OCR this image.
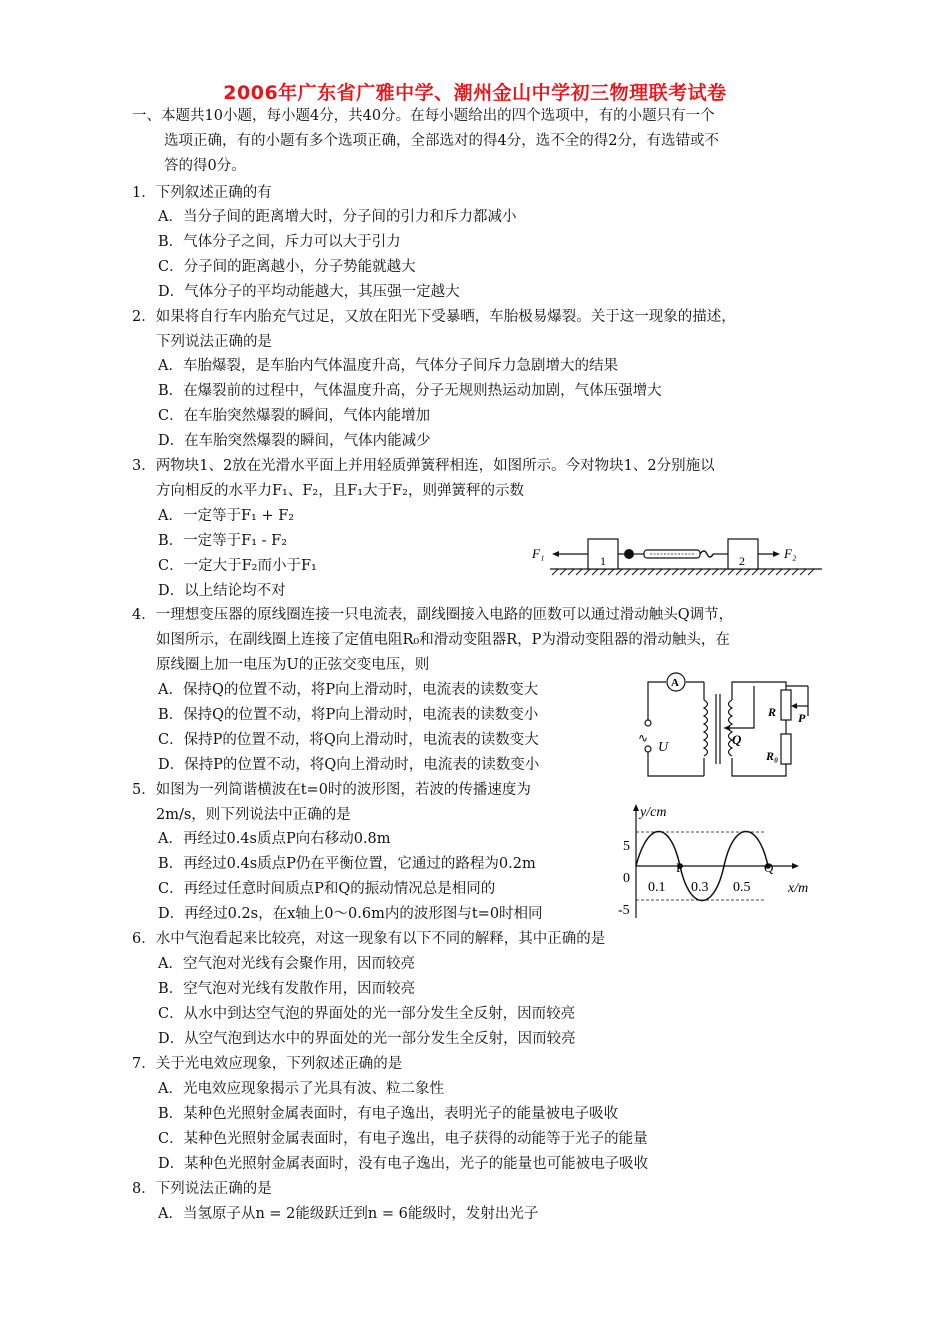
2006年广东省广雅中学、潮州金山中学初三物理联考试卷
一、本题共10小题，每小题4分，共40分。在每小题给出的四个选项中，有的小题只有一个
选项正确，有的小题有多个选项正确，全部选对的得4分，选不全的得2分，有选错或不
答的得0分。
1．下列叙述正确的有
A．当分子间的距离增大时，分子间的引力和斥力都减小
B．气体分子之间，斥力可以大于引力
C．分子间的距离越小，分子势能就越大
D．气体分子的平均动能越大，其压强一定越大
2．如果将自行车内胎充气过足，又放在阳光下受暴晒，车胎极易爆裂。关于这一现象的描述，
下列说法正确的是
A．车胎爆裂，是车胎内气体温度升高，气体分子间斥力急剧增大的结果
B．在爆裂前的过程中，气体温度升高，分子无规则热运动加剧，气体压强增大
C．在车胎突然爆裂的瞬间，气体内能增加
D．在车胎突然爆裂的瞬间，气体内能减少
3．两物块1、2放在光滑水平面上并用轻质弹簧秤相连，如图所示。今对物块1、2分别施以
方向相反的水平力F₁、F₂，且F₁大于F₂，则弹簧秤的示数
A．一定等于F₁ + F₂
B．一定等于F₁ - F₂
C．一定大于F₂而小于F₁
D．以上结论均不对
1
F₁	2	F₂
4．一理想变压器的原线圈连接一只电流表，副线圈接入电路的匝数可以通过滑动触头Q调节，
如图所示，在副线圈上连接了定值电阻R₀和滑动变阻器R，P为滑动变阻器的滑动触头，在
原线圈上加一电压为U的正弦交变电压，则
A．保持Q的位置不动，将P向上滑动时，电流表的读数变大
B．保持Q的位置不动，将P向上滑动时，电流表的读数变小
C．保持P的位置不动，将Q向上滑动时，电流表的读数变大
D．保持P的位置不动，将Q向上滑动时，电流表的读数变小
A
∿
U
Q
R P
R₀
5．如图为一列简谐横波在t=0时的波形图，若波的传播速度为
2m/s，则下列说法中正确的是
A．再经过0.4s质点P向右移动0.8m
B．再经过0.4s质点P仍在平衡位置，它通过的路程为0.2m
C．再经过任意时间质点P和Q的振动情况总是相同的
D．再经过0.2s，在x轴上0～0.6m内的波形图与t=0时相同
P	Q
y/cm
x/m
5
0
-5
0.1 0.3 0.5
6．水中气泡看起来比较亮，对这一现象有以下不同的解释，其中正确的是
A．空气泡对光线有会聚作用，因而较亮
B．空气泡对光线有发散作用，因而较亮
C．从水中到达空气泡的界面处的光一部分发生全反射，因而较亮
D．从空气泡到达水中的界面处的光一部分发生全反射，因而较亮
7．关于光电效应现象，下列叙述正确的是
A．光电效应现象揭示了光具有波、粒二象性
B．某种色光照射金属表面时，有电子逸出，表明光子的能量被电子吸收
C．某种色光照射金属表面时，有电子逸出，电子获得的动能等于光子的能量
D．某种色光照射金属表面时，没有电子逸出，光子的能量也可能被电子吸收
8．下列说法正确的是
A．当氢原子从n = 2能级跃迁到n = 6能级时，发射出光子
